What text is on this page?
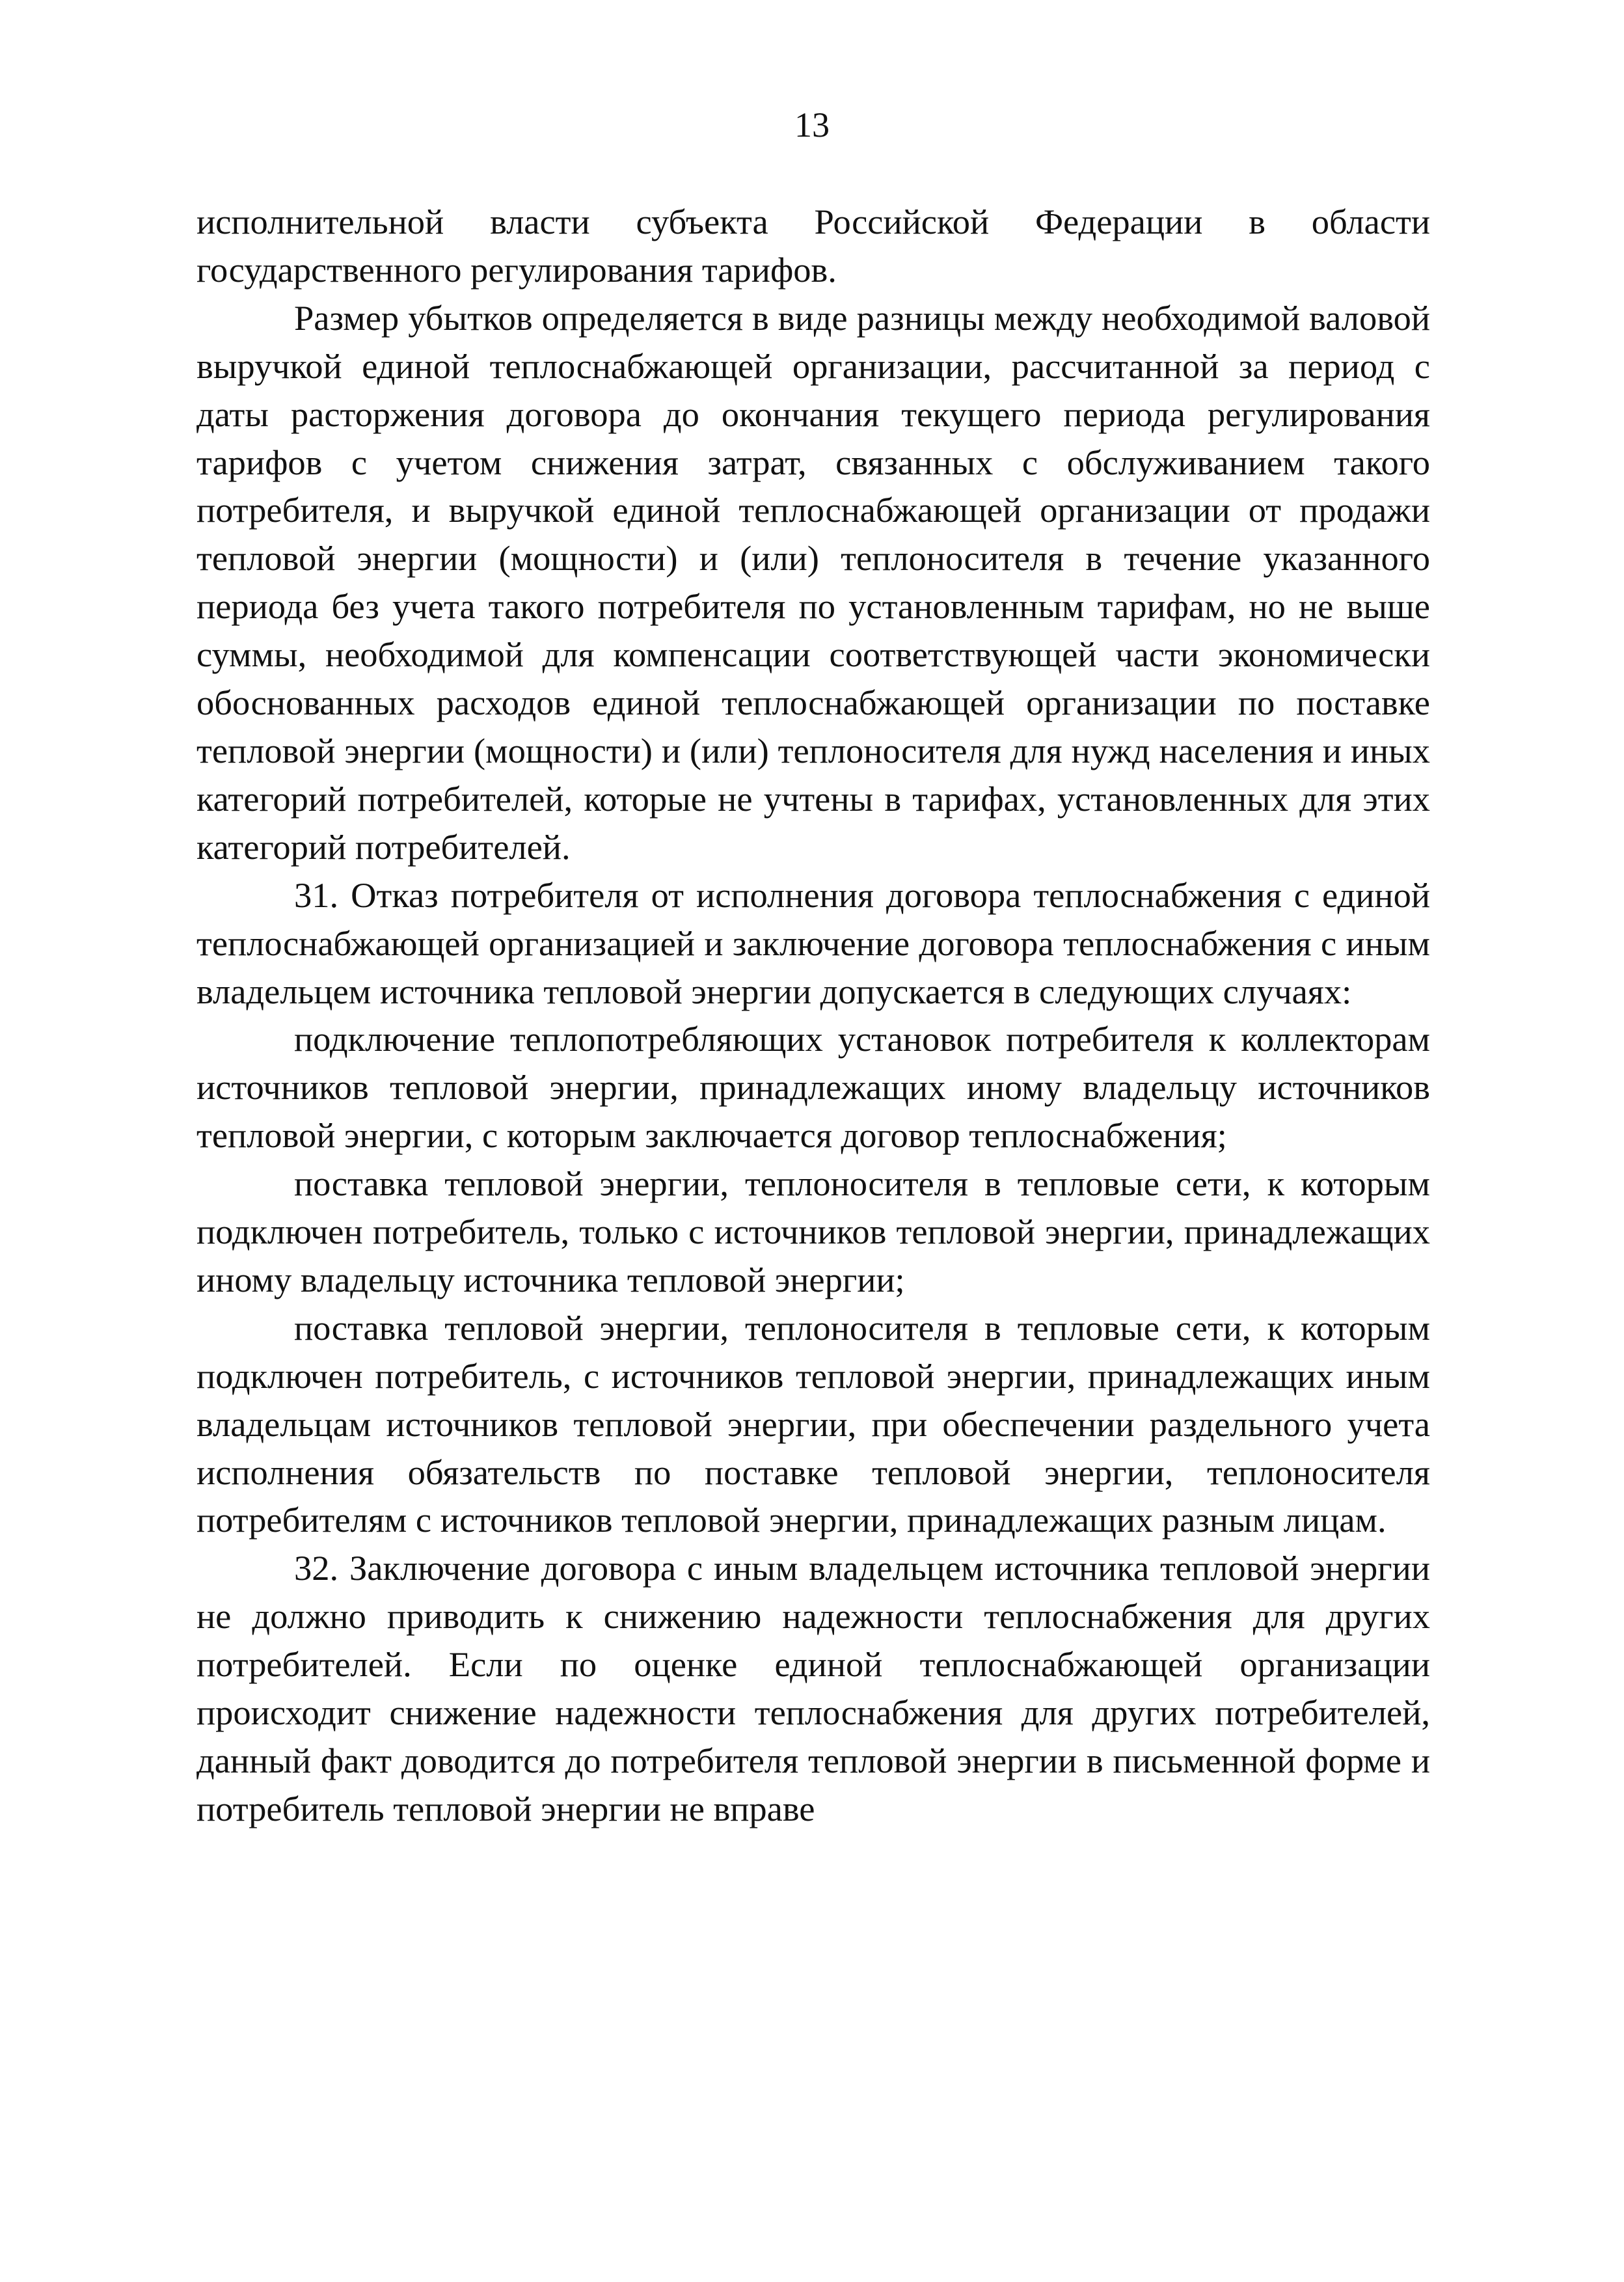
13

исполнительной власти субъекта Российской Федерации в области государственного регулирования тарифов.

Размер убытков определяется в виде разницы между необходимой валовой выручкой единой теплоснабжающей организации, рассчитанной за период с даты расторжения договора до окончания текущего периода регулирования тарифов с учетом снижения затрат, связанных с обслуживанием такого потребителя, и выручкой единой теплоснабжающей организации от продажи тепловой энергии (мощности) и (или) теплоносителя в течение указанного периода без учета такого потребителя по установленным тарифам, но не выше суммы, необходимой для компенсации соответствующей части экономически обоснованных расходов единой теплоснабжающей организации по поставке тепловой энергии (мощности) и (или) теплоносителя для нужд населения и иных категорий потребителей, которые не учтены в тарифах, установленных для этих категорий потребителей.

31. Отказ потребителя от исполнения договора теплоснабжения с единой теплоснабжающей организацией и заключение договора теплоснабжения с иным владельцем источника тепловой энергии допускается в следующих случаях:

подключение теплопотребляющих установок потребителя к коллекторам источников тепловой энергии, принадлежащих иному владельцу источников тепловой энергии, с которым заключается договор теплоснабжения;

поставка тепловой энергии, теплоносителя в тепловые сети, к которым подключен потребитель, только с источников тепловой энергии, принадлежащих иному владельцу источника тепловой энергии;

поставка тепловой энергии, теплоносителя в тепловые сети, к которым подключен потребитель, с источников тепловой энергии, принадлежащих иным владельцам источников тепловой энергии, при обеспечении раздельного учета исполнения обязательств по поставке тепловой энергии, теплоносителя потребителям с источников тепловой энергии, принадлежащих разным лицам.

32. Заключение договора с иным владельцем источника тепловой энергии не должно приводить к снижению надежности теплоснабжения для других потребителей. Если по оценке единой теплоснабжающей организации происходит снижение надежности теплоснабжения для других потребителей, данный факт доводится до потребителя тепловой энергии в письменной форме и потребитель тепловой энергии не вправе
